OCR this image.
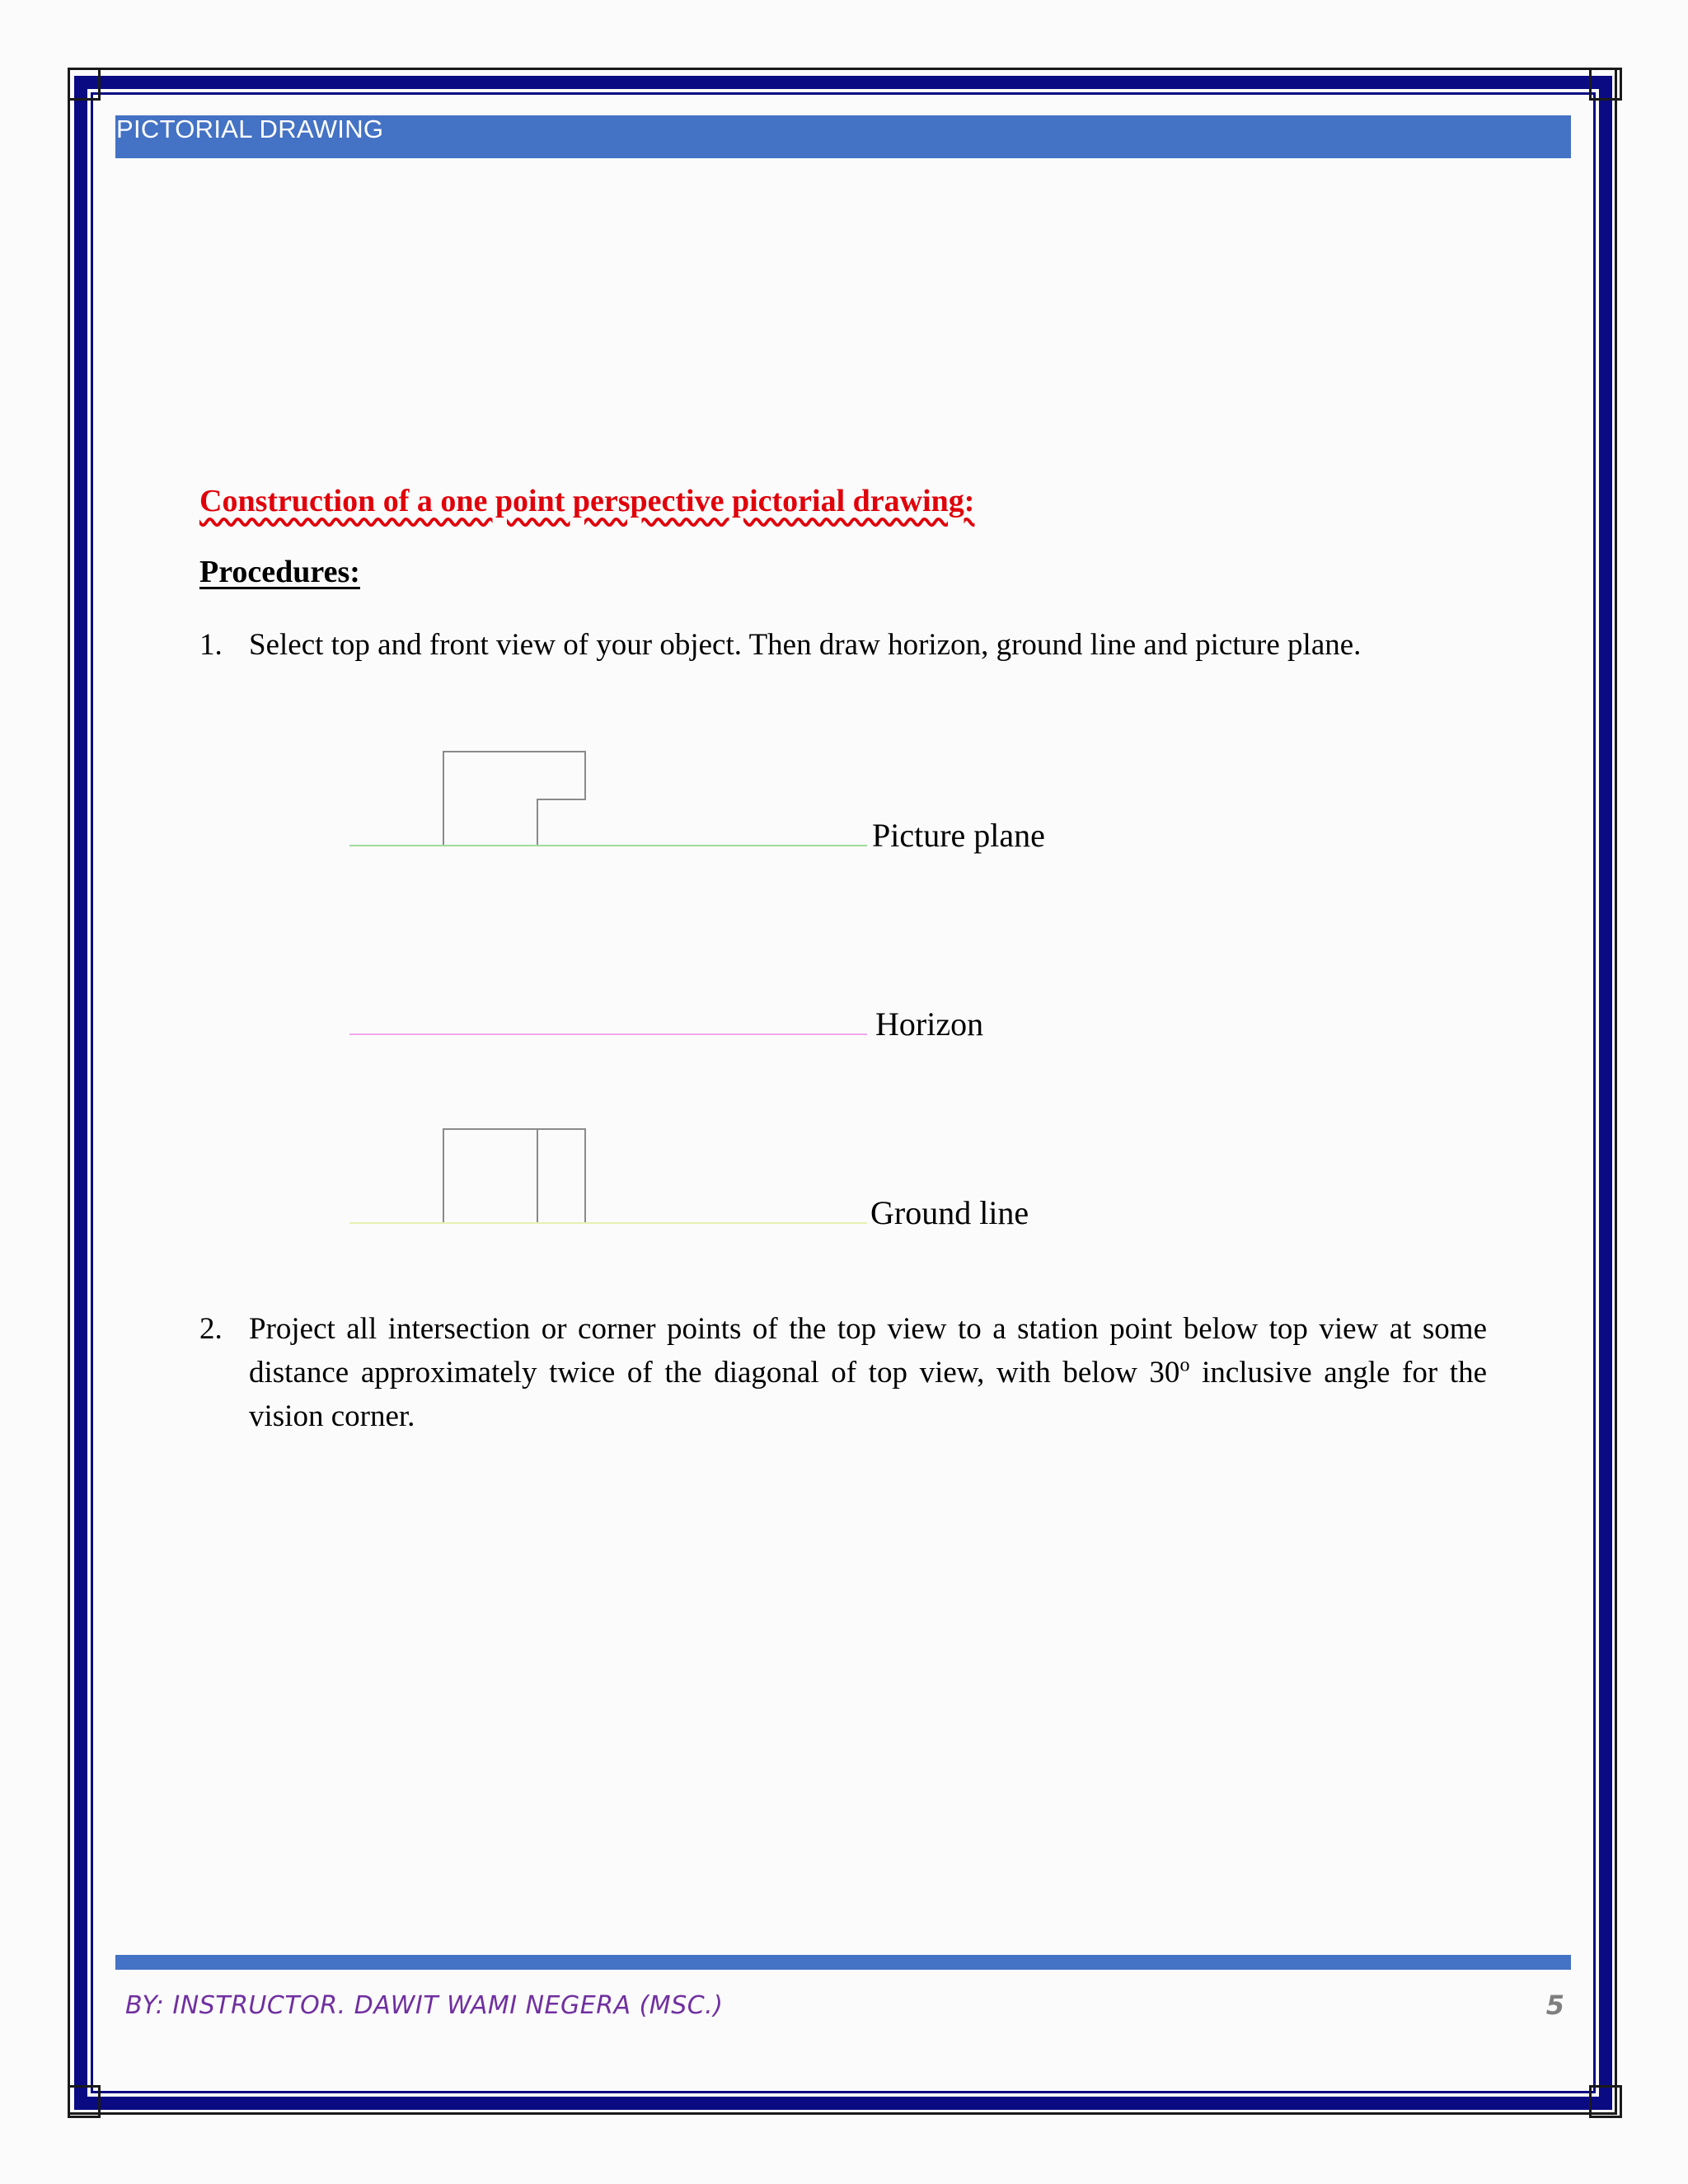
PICTORIAL DRAWING
Construction of a one point perspective pictorial drawing:
Procedures:
1. Select top and front view of your object. Then draw horizon, ground line and picture plane.
Picture plane
Horizon
Ground line
2. Project all intersection or corner points of the top view to a station point below top view at some distance approximately twice of the diagonal of top view, with below 30$^o$ inclusive angle for the vision corner.
BY: INSTRUCTOR. DAWIT WAMI NEGERA (MSC.)	5
